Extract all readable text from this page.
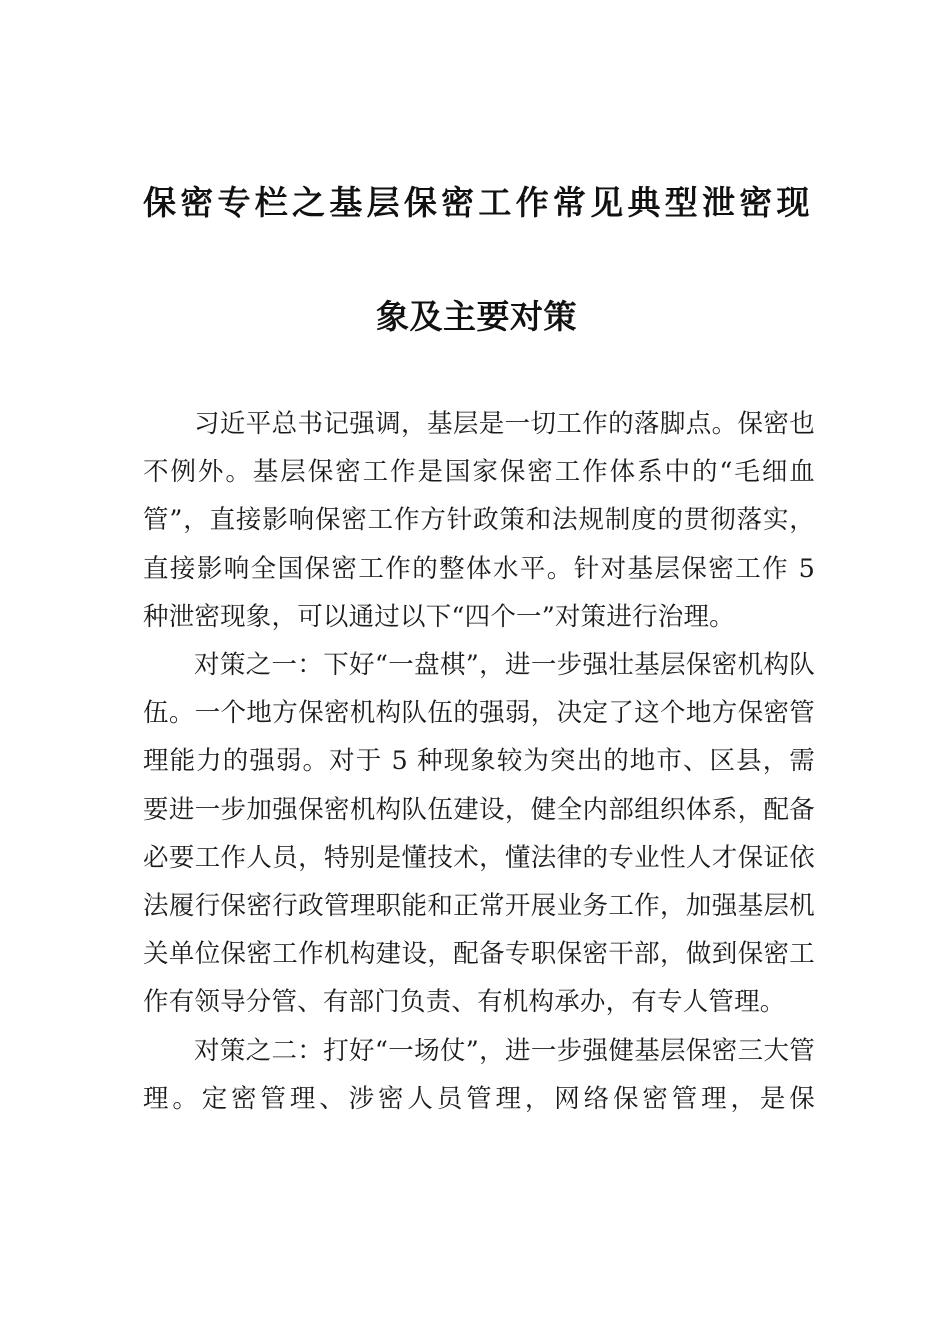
保密专栏之基层保密工作常见典型泄密现
象及主要对策

习近平总书记强调，基层是一切工作的落脚点。保密也不例外。基层保密工作是国家保密工作体系中的“毛细血管”，直接影响保密工作方针政策和法规制度的贯彻落实，直接影响全国保密工作的整体水平。针对基层保密工作 5 种泄密现象，可以通过以下“四个一”对策进行治理。

对策之一：下好“一盘棋”，进一步强壮基层保密机构队伍。一个地方保密机构队伍的强弱，决定了这个地方保密管理能力的强弱。对于 5 种现象较为突出的地市、区县，需要进一步加强保密机构队伍建设，健全内部组织体系，配备必要工作人员，特别是懂技术，懂法律的专业性人才保证依法履行保密行政管理职能和正常开展业务工作，加强基层机关单位保密工作机构建设，配备专职保密干部，做到保密工作有领导分管、有部门负责、有机构承办，有专人管理。

对策之二：打好“一场仗”，进一步强健基层保密三大管理。定密管理、涉密人员管理，网络保密管理，是保
